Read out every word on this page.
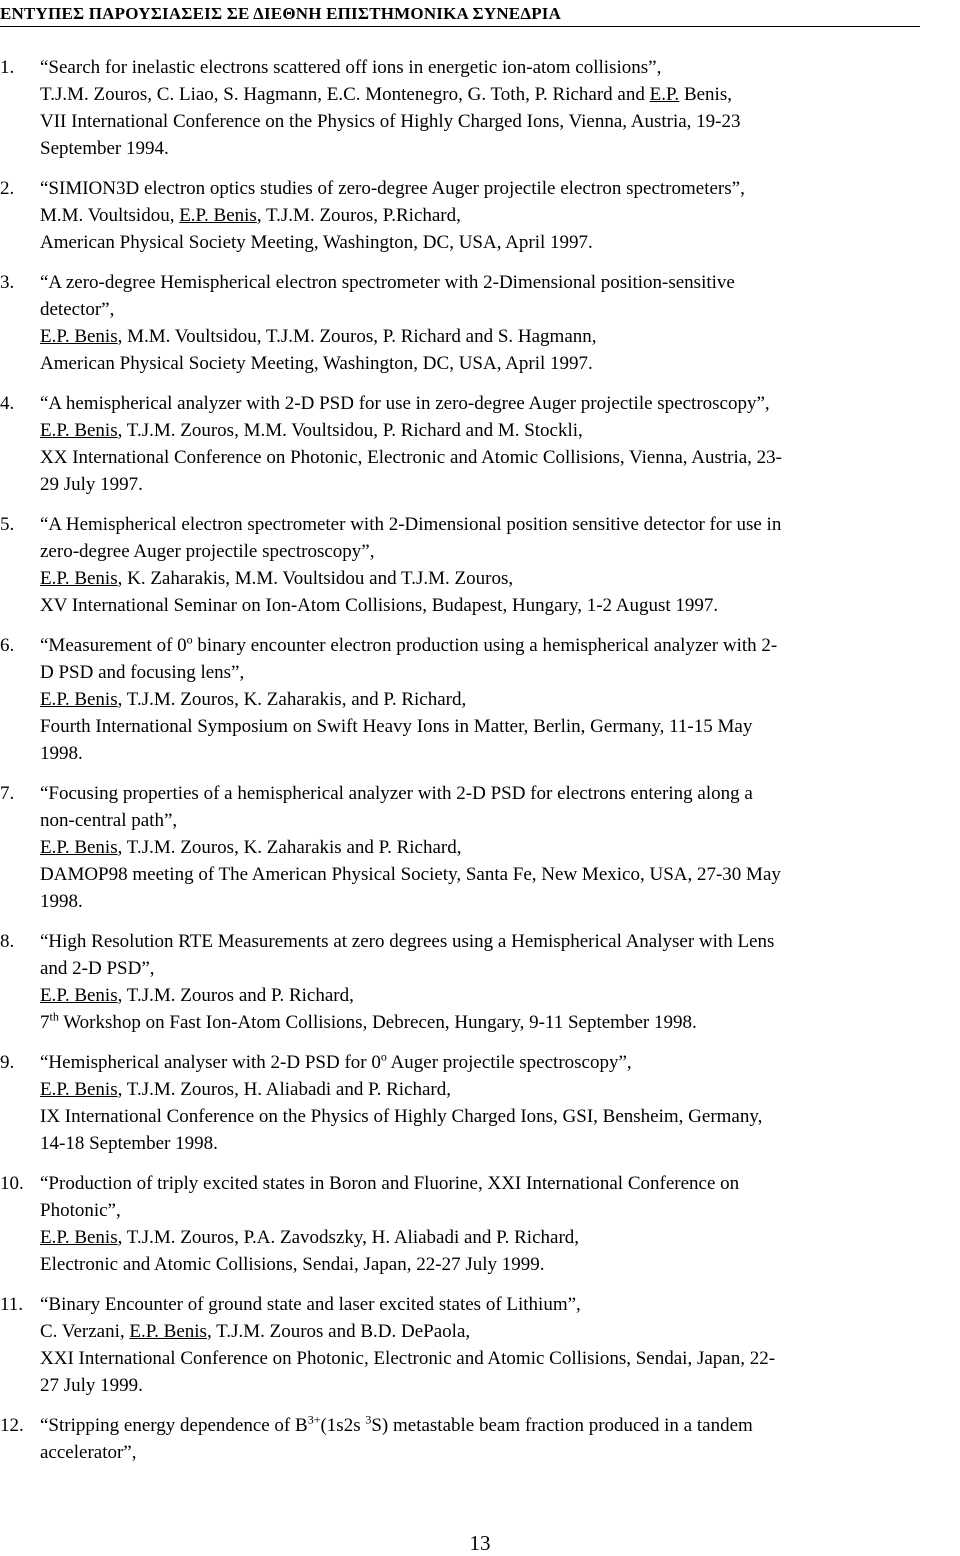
ΕΝΤΥΠΕΣ ΠΑΡΟΥΣΙΑΣΕΙΣ ΣΕ ΔΙΕΘΝΗ ΕΠΙΣΤΗΜΟΝΙΚΑ ΣΥΝΕΔΡΙΑ
1.	“Search for inelastic electrons scattered off ions in energetic ion-atom collisions”,
T.J.M. Zouros, C. Liao, S. Hagmann, E.C. Montenegro, G. Toth, P. Richard and E.P. Benis,
VII International Conference on the Physics of Highly Charged Ions, Vienna, Austria, 19-23
September 1994.
2.	“SIMION3D electron optics studies of zero-degree Auger projectile electron spectrometers”,
M.M. Voultsidou, E.P. Benis, T.J.M. Zouros, P.Richard,
American Physical Society Meeting, Washington, DC, USA, April 1997.
3.	“A zero-degree Hemispherical electron spectrometer with 2-Dimensional position-sensitive
detector”,
E.P. Benis, M.M. Voultsidou, T.J.M. Zouros, P. Richard and S. Hagmann,
American Physical Society Meeting, Washington, DC, USA, April 1997.
4.	“A hemispherical analyzer with 2-D PSD for use in zero-degree Auger projectile spectroscopy”,
E.P. Benis, T.J.M. Zouros, M.M. Voultsidou, P. Richard and M. Stockli,
XX International Conference on Photonic, Electronic and Atomic Collisions, Vienna, Austria, 23-
29 July 1997.
5.	“A Hemispherical electron spectrometer with 2-Dimensional position sensitive detector for use in
zero-degree Auger projectile spectroscopy”,
E.P. Benis, K. Zaharakis, M.M. Voultsidou and T.J.M. Zouros,
XV International Seminar on Ion-Atom Collisions, Budapest, Hungary, 1-2 August 1997.
6.	“Measurement of 0$^o$ binary encounter electron production using a hemispherical analyzer with 2-
D PSD and focusing lens”,
E.P. Benis, T.J.M. Zouros, K. Zaharakis, and P. Richard,
Fourth International Symposium on Swift Heavy Ions in Matter, Berlin, Germany, 11-15 May
1998.
7.	“Focusing properties of a hemispherical analyzer with 2-D PSD for electrons entering along a
non-central path”,
E.P. Benis, T.J.M. Zouros, K. Zaharakis and P. Richard,
DAMOP98 meeting of The American Physical Society, Santa Fe, New Mexico, USA, 27-30 May
1998.
8.	“High Resolution RTE Measurements at zero degrees using a Hemispherical Analyser with Lens
and 2-D PSD”,
E.P. Benis, T.J.M. Zouros and P. Richard,
7th Workshop on Fast Ion-Atom Collisions, Debrecen, Hungary, 9-11 September 1998.
9.	“Hemispherical analyser with 2-D PSD for 0$^o$ Auger projectile spectroscopy”,
E.P. Benis, T.J.M. Zouros, H. Aliabadi and P. Richard,
IX International Conference on the Physics of Highly Charged Ions, GSI, Bensheim, Germany,
14-18 September 1998.
10. “Production of triply excited states in Boron and Fluorine, XXI International Conference on
Photonic”,
E.P. Benis, T.J.M. Zouros, P.A. Zavodszky, H. Aliabadi and P. Richard,
Electronic and Atomic Collisions, Sendai, Japan, 22-27 July 1999.
11. “Binary Encounter of ground state and laser excited states of Lithium”,
C. Verzani, E.P. Benis, T.J.M. Zouros and B.D. DePaola,
XXI International Conference on Photonic, Electronic and Atomic Collisions, Sendai, Japan, 22-
27 July 1999.
12. “Stripping energy dependence of $B^{3+}(1s2s$ $^3$S) metastable beam fraction produced in a tandem
accelerator”,
13
